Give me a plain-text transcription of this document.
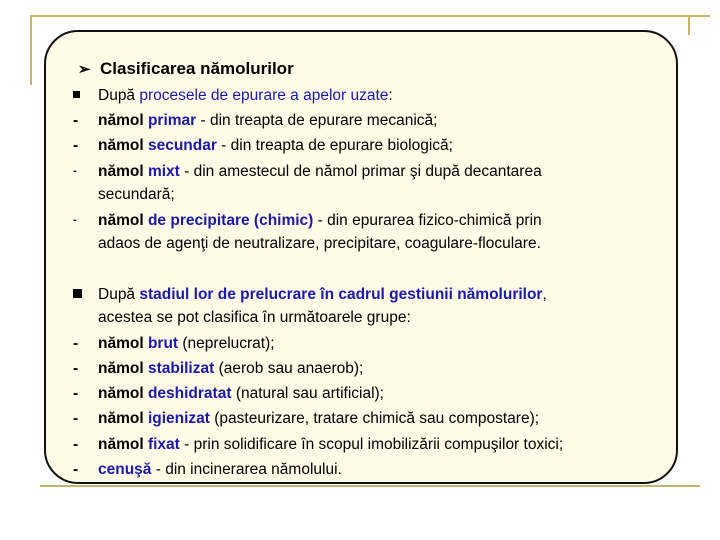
➢ Clasificarea nămolurilor
După procesele de epurare a apelor uzate:
-	nămol primar - din treapta de epurare mecanică;
-	nămol secundar - din treapta de epurare biologică;
-	nămol mixt - din amestecul de nămol primar şi după decantarea
secundară;
-	nămol de precipitare (chimic) - din epurarea fizico-chimică prin
adaos de agenţi de neutralizare, precipitare, coagulare-floculare.
După stadiul lor de prelucrare în cadrul gestiunii nămolurilor,
acestea se pot clasifica în următoarele grupe:
-	nămol brut (neprelucrat);
-	nămol stabilizat (aerob sau anaerob);
-	nămol deshidratat (natural sau artificial);
-	nămol igienizat (pasteurizare, tratare chimică sau compostare);
-	nămol fixat - prin solidificare în scopul imobilizării compuşilor toxici;
-	cenuşă - din incinerarea nămolului.
